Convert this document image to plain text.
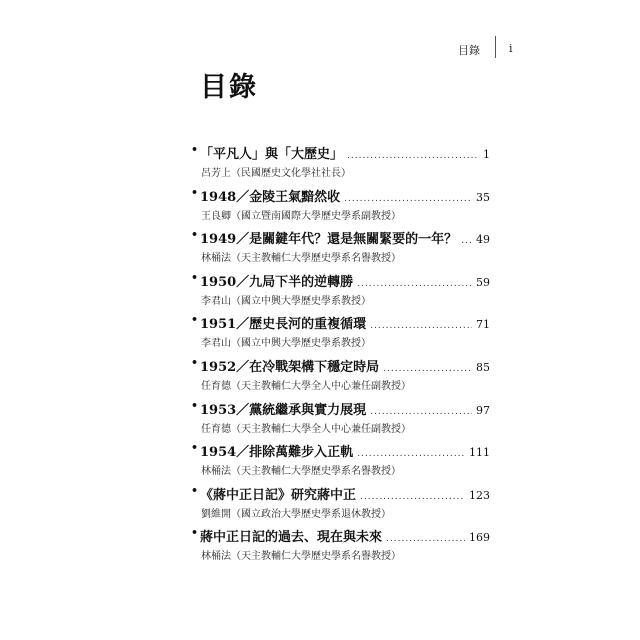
目錄	i
目錄
• 「平凡人」與「大歷史」 .....	1
呂芳上（民國歷史文化學社社長）
• 1948／金陵王氣黯然收 .....	35
王良卿（國立暨南國際大學歷史學系副教授）
• 1949／是關鍵年代？還是無關緊要的一年？ ..... 49
林桶法（天主教輔仁大學歷史學系名譽教授）
• 1950／九局下半的逆轉勝 .....	59
李君山（國立中興大學歷史學系教授）
• 1951／歷史長河的重複循環 .....	71
李君山（國立中興大學歷史學系教授）
• 1952／在冷戰架構下穩定時局 .....	85
任育德（天主教輔仁大學全人中心兼任副教授）
• 1953／黨統繼承與實力展現 .....	97
任育德（天主教輔仁大學全人中心兼任副教授）
• 1954／排除萬難步入正軌 .....	111
林桶法（天主教輔仁大學歷史學系名譽教授）
• 《蔣中正日記》研究蔣中正 .....	123
劉維開（國立政治大學歷史學系退休教授）
• 蔣中正日記的過去、現在與未來 .....	169
林桶法（天主教輔仁大學歷史學系名譽教授）
